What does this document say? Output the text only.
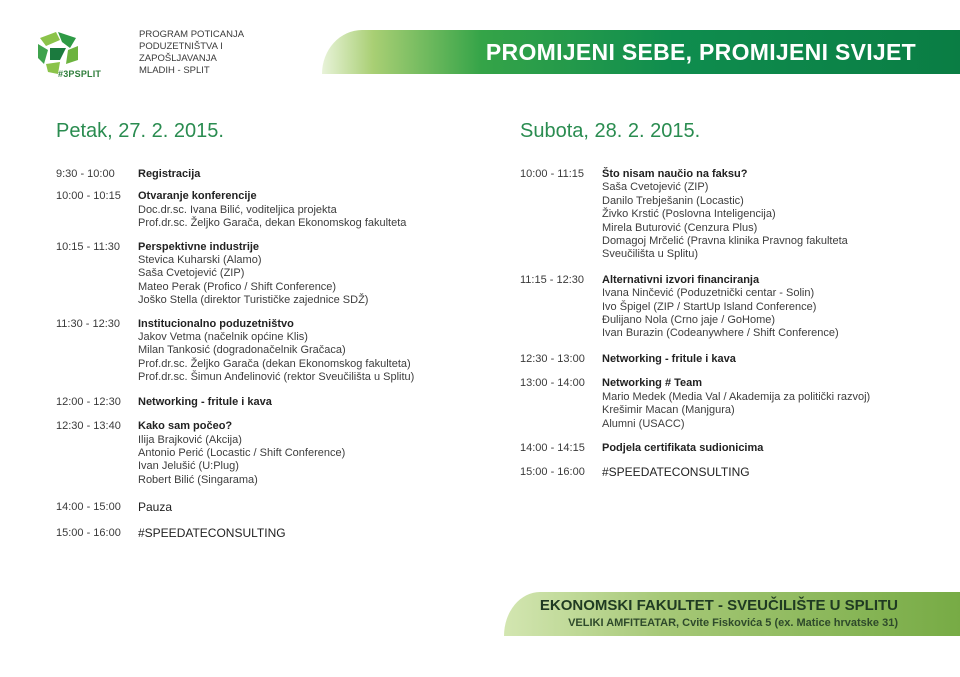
#3PSPLIT
PROGRAM POTICANJA
PODUZETNIŠTVA I
ZAPOŠLJAVANJA
MLADIH - SPLIT
PROMIJENI SEBE, PROMIJENI SVIJET
Petak, 27. 2. 2015.	Subota, 28. 2. 2015.
9:30 - 10:00	Registracija
10:00 - 10:15	Otvaranje konferencije
Doc.dr.sc. Ivana Bilić, voditeljica projekta
Prof.dr.sc. Željko Garača, dekan Ekonomskog fakulteta
10:15 - 11:30	Perspektivne industrije
Stevica Kuharski (Alamo)
Saša Cvetojević (ZIP)
Mateo Perak (Profico / Shift Conference)
Joško Stella (direktor Turističke zajednice SDŽ)
11:30 - 12:30	Institucionalno poduzetništvo
Jakov Vetma (načelnik općine Klis)
Milan Tankosić (dogradonačelnik Gračaca)
Prof.dr.sc. Željko Garača (dekan Ekonomskog fakulteta)
Prof.dr.sc. Šimun Anđelinović (rektor Sveučilišta u Splitu)
12:00 - 12:30	Networking - fritule i kava
12:30 - 13:40	Kako sam počeo?
Ilija Brajković (Akcija)
Antonio Perić (Locastic / Shift Conference)
Ivan Jelušić (U:Plug)
Robert Bilić (Singarama)
14:00 - 15:00	Pauza
15:00 - 16:00	#SPEEDATECONSULTING
10:00 - 11:15	Što nisam naučio na faksu?
Saša Cvetojević (ZIP)
Danilo Trebješanin (Locastic)
Živko Krstić (Poslovna Inteligencija)
Mirela Buturović (Cenzura Plus)
Domagoj Mrčelić (Pravna klinika Pravnog fakulteta
Sveučilišta u Splitu)
11:15 - 12:30	Alternativni izvori financiranja
Ivana Ninčević (Poduzetnički centar - Solin)
Ivo Špigel (ZIP / StartUp Island Conference)
Đulijano Nola (Crno jaje / GoHome)
Ivan Burazin (Codeanywhere / Shift Conference)
12:30 - 13:00	Networking - fritule i kava
13:00 - 14:00	Networking # Team
Mario Medek (Media Val / Akademija za politički razvoj)
Krešimir Macan (Manjgura)
Alumni (USACC)
14:00 - 14:15	Podjela certifikata sudionicima
15:00 - 16:00	#SPEEDATECONSULTING
EKONOMSKI FAKULTET - SVEUČILIŠTE U SPLITU
VELIKI AMFITEATAR, Cvite Fiskovića 5 (ex. Matice hrvatske 31)
